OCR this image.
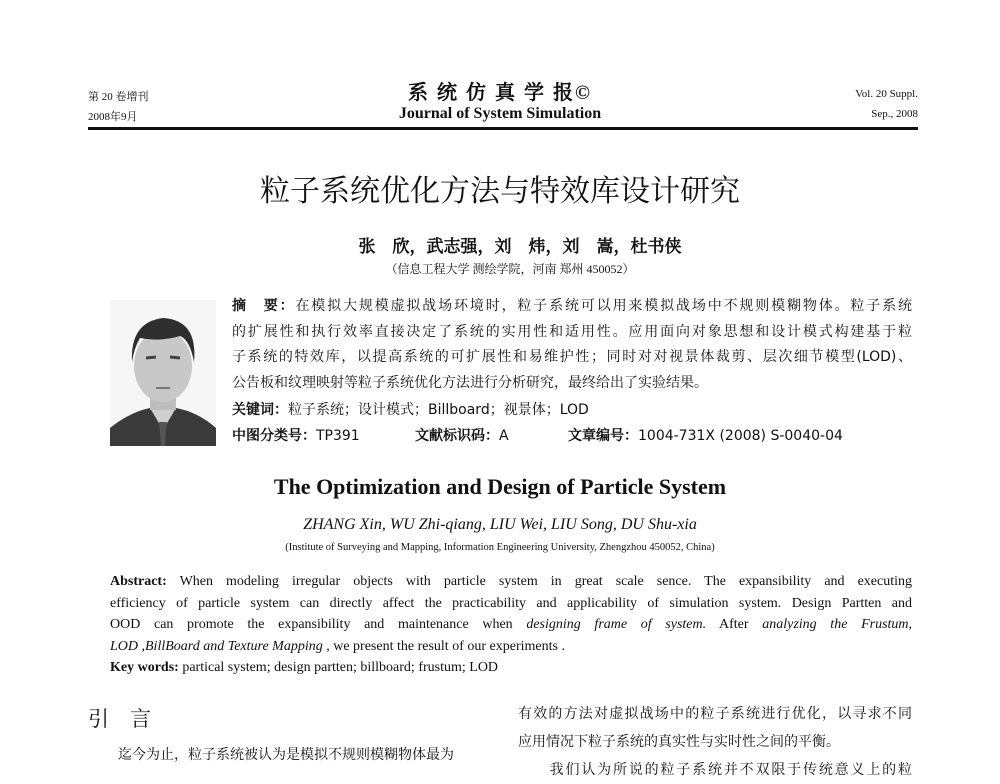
第 20 卷增刊
2008年9月
系 统 仿 真 学 报©
Journal of System Simulation
Vol. 20 Suppl.
Sep., 2008
粒子系统优化方法与特效库设计研究
张　欣，武志强，刘　炜，刘　嵩，杜书侠
（信息工程大学 测绘学院，河南 郑州 450052）
摘　要：在模拟大规模虚拟战场环境时，粒子系统可以用来模拟战场中不规则模糊物体。粒子系统
的扩展性和执行效率直接决定了系统的实用性和适用性。应用面向对象思想和设计模式构建基于粒
子系统的特效库，以提高系统的可扩展性和易维护性；同时对对视景体裁剪、层次细节模型(LOD)、
公告板和纹理映射等粒子系统优化方法进行分析研究，最终给出了实验结果。
关键词：粒子系统；设计模式；Billboard；视景体；LOD
中图分类号：TP391	文献标识码：A	文章编号：1004-731X (2008) S-0040-04
The Optimization and Design of Particle System
ZHANG Xin, WU Zhi-qiang, LIU Wei, LIU Song, DU Shu-xia
(Institute of Surveying and Mapping, Information Engineering University, Zhengzhou 450052, China)
Abstract: When modeling irregular objects with particle system in great scale sence. The expansibility and executing
efficiency of particle system can directly affect the practicability and applicability of simulation system. Design Partten and
OOD can promote the expansibility and maintenance when designing frame of system. After analyzing the Frustum,
LOD ,BillBoard and Texture Mapping , we present the result of our experiments .
Key words: partical system; design partten; billboard; frustum; LOD
引　言
迄今为止，粒子系统被认为是模拟不规则模糊物体最为
有效的方法对虚拟战场中的粒子系统进行优化，以寻求不同
应用情况下粒子系统的真实性与实时性之间的平衡。
　　我们认为所说的粒子系统并不双限于传统意义上的粒
